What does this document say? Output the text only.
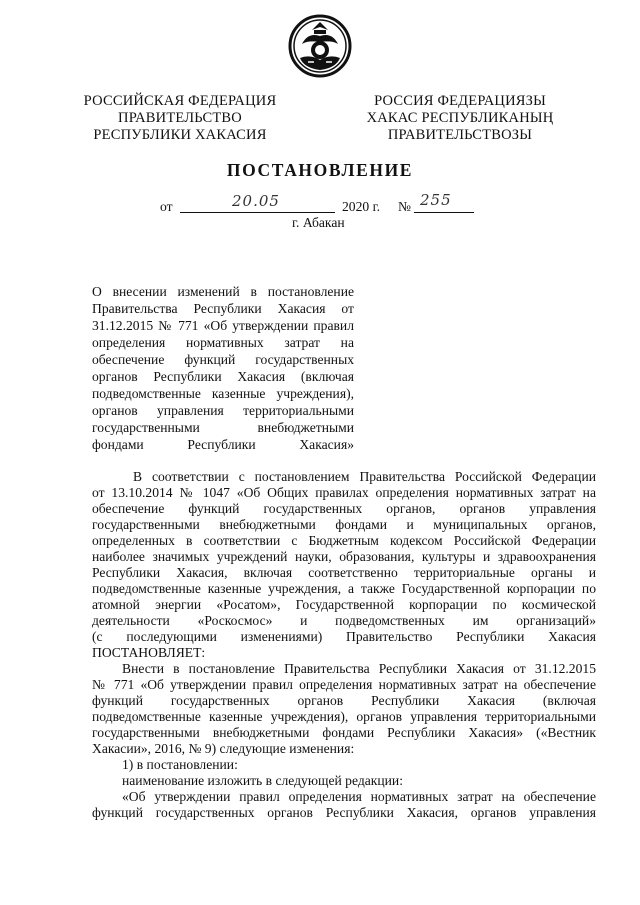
РОССИЙСКАЯ ФЕДЕРАЦИЯ
ПРАВИТЕЛЬСТВО
РЕСПУБЛИКИ ХАКАСИЯ
РОССИЯ ФЕДЕРАЦИЯЗЫ
ХАКАС РЕСПУБЛИКАНЫҢ
ПРАВИТЕЛЬСТВОЗЫ
ПОСТАНОВЛЕНИЕ
от	20.05	2020 г. № 255
г. Абакан
О внесении изменений в постановление
Правительства Республики Хакасия от
31.12.2015 № 771 «Об утверждении правил
определения нормативных затрат на
обеспечение функций государственных
органов Республики Хакасия (включая
подведомственные казенные учреждения),
органов управления территориальными
государственными внебюджетными
фондами Республики Хакасия»
В соответствии с постановлением Правительства Российской Федерации
от 13.10.2014 № 1047 «Об Общих правилах определения нормативных затрат на
обеспечение функций государственных органов, органов управления
государственными внебюджетными фондами и муниципальных органов,
определенных в соответствии с Бюджетным кодексом Российской Федерации
наиболее значимых учреждений науки, образования, культуры и здравоохранения
Республики Хакасия, включая соответственно территориальные органы и
подведомственные казенные учреждения, а также Государственной корпорации по
атомной энергии «Росатом», Государственной корпорации по космической
деятельности «Роскосмос» и подведомственных им организаций»
(с последующими изменениями) Правительство Республики Хакасия
ПОСТАНОВЛЯЕТ:
Внести в постановление Правительства Республики Хакасия от 31.12.2015
№ 771 «Об утверждении правил определения нормативных затрат на обеспечение
функций государственных органов Республики Хакасия (включая
подведомственные казенные учреждения), органов управления территориальными
государственными внебюджетными фондами Республики Хакасия» («Вестник
Хакасии», 2016, № 9) следующие изменения:
1) в постановлении:
наименование изложить в следующей редакции:
«Об утверждении правил определения нормативных затрат на обеспечение
функций государственных органов Республики Хакасия, органов управления
